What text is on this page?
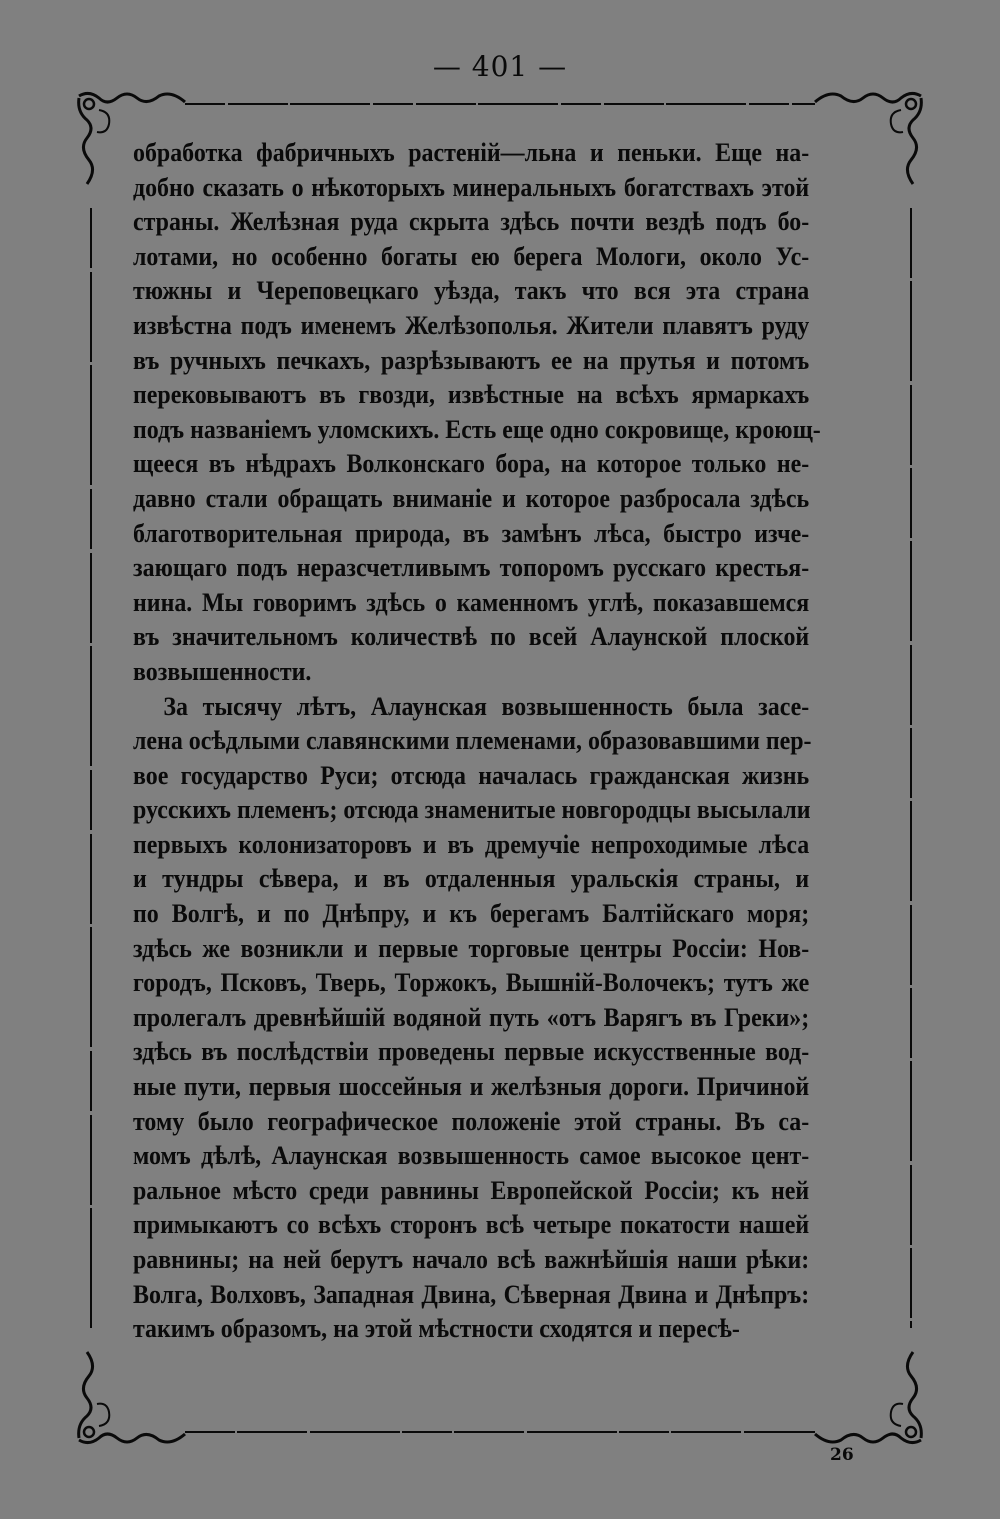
— 401 —

обработка фабричныхъ растенiй—льна и пеньки. Еще на-
добно сказать о нѣкоторыхъ минеральныхъ богатствахъ этой
страны. Желѣзная руда скрыта здѣсь почти вездѣ подъ бо-
лотами, но особенно богаты ею берега Мологи, около Ус-
тюжны и Череповецкаго уѣзда, такъ что вся эта страна
извѣстна подъ именемъ Желѣзополья. Жители плавятъ руду
въ ручныхъ печкахъ, разрѣзываютъ ее на прутья и потомъ
перековываютъ въ гвозди, извѣстные на всѣхъ ярмаркахъ
подъ названiемъ уломскихъ. Есть еще одно сокровище, кроющ-
щееся въ нѣдрахъ Волконскаго бора, на которое только не-
давно стали обращать вниманiе и которое разбросала здѣсь
благотворительная природа, въ замѣнъ лѣса, быстро изче-
зающаго подъ неразсчетливымъ топоромъ русскаго крестья-
нина. Мы говоримъ здѣсь о каменномъ углѣ, показавшемся
въ значительномъ количествѣ по всей Алаунской плоской
возвышенности.

За тысячу лѣтъ, Алаунская возвышенность была засе-
лена осѣдлыми славянскими племенами, образовавшими пер-
вое государство Руси; отсюда началась гражданская жизнь
русскихъ племенъ; отсюда знаменитые новгородцы высылали
первыхъ колонизаторовъ и въ дремучiе непроходимые лѣса
и тундры сѣвера, и въ отдаленныя уральскiя страны, и
по Волгѣ, и по Днѣпру, и къ берегамъ Балтiйскаго моря;
здѣсь же возникли и первые торговые центры Россiи: Нов-
городъ, Псковъ, Тверь, Торжокъ, Вышнiй-Волочекъ; тутъ же
пролегалъ древнѣйшiй водяной путь «отъ Варягъ въ Греки»;
здѣсь въ послѣдствiи проведены первые искусственные вод-
ные пути, первыя шоссейныя и желѣзныя дороги. Причиной
тому было географическое положенiе этой страны. Въ са-
момъ дѣлѣ, Алаунская возвышенность самое высокое цент-
ральное мѣсто среди равнины Европейской Россiи; къ ней
примыкаютъ со всѣхъ сторонъ всѣ четыре покатости нашей
равнины; на ней берутъ начало всѣ важнѣйшiя наши рѣки:
Волга, Волховъ, Западная Двина, Сѣверная Двина и Днѣпръ:
такимъ образомъ, на этой мѣстности сходятся и пересѣ-

26
